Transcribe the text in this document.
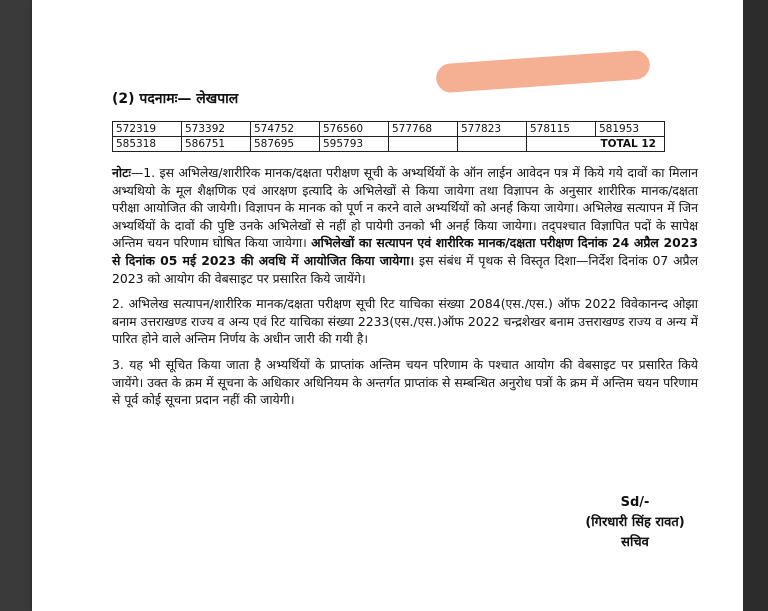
(2) पदनामः— लेखपाल
572319	573392	574752	576560	577768	577823	578115	581953
585318	586751	587695	595793			TOTAL 12	

नोटः—1. इस अभिलेख/शारीरिक मानक/दक्षता परीक्षण सूची के अभ्यर्थियों के ऑन लाईन आवेदन पत्र में किये गये दावों का मिलान अभ्यथियो के मूल शैक्षणिक एवं आरक्षण इत्यादि के अभिलेखों से किया जायेगा तथा विज्ञापन के अनुसार शारीरिक मानक/दक्षता परीक्षा आयोजित की जायेगी। विज्ञापन के मानक को पूर्ण न करने वाले अभ्यर्थियों को अनर्ह किया जायेगा। अभिलेख सत्यापन में जिन अभ्यर्थियों के दावों की पुष्टि उनके अभिलेखों से नहीं हो पायेगी उनको भी अनर्ह किया जायेगा। तद्पश्चात विज्ञापित पदों के सापेक्ष अन्तिम चयन परिणाम घोषित किया जायेगा। अभिलेखों का सत्यापन एवं शारीरिक मानक/दक्षता परीक्षण दिनांक 24 अप्रैल 2023 से दिनांक 05 मई 2023 की अवधि में आयोजित किया जायेगा। इस संबंध में पृथक से विस्तृत दिशा—निर्देश दिनांक 07 अप्रैल 2023 को आयोग की वेबसाइट पर प्रसारित किये जायेंगे।

2. अभिलेख सत्यापन/शारीरिक मानक/दक्षता परीक्षण सूची रिट याचिका संख्या 2084(एस./एस.) ऑफ 2022 विवेकानन्द ओझा बनाम उत्तराखण्ड राज्य व अन्य एवं रिट याचिका संख्या 2233(एस./एस.)ऑफ 2022 चन्द्रशेखर बनाम उत्तराखण्ड राज्य व अन्य में पारित होने वाले अन्तिम निर्णय के अधीन जारी की गयी है।

3. यह भी सूचित किया जाता है अभ्यर्थियों के प्राप्तांक अन्तिम चयन परिणाम के पश्चात आयोग की वेबसाइट पर प्रसारित किये जायेंगे। उक्त के क्रम में सूचना के अधिकार अधिनियम के अन्तर्गत प्राप्तांक से सम्बन्धित अनुरोध पत्रों के क्रम में अन्तिम चयन परिणाम से पूर्व कोई सूचना प्रदान नहीं की जायेगी।

Sd/-
(गिरधारी सिंह रावत)
सचिव
